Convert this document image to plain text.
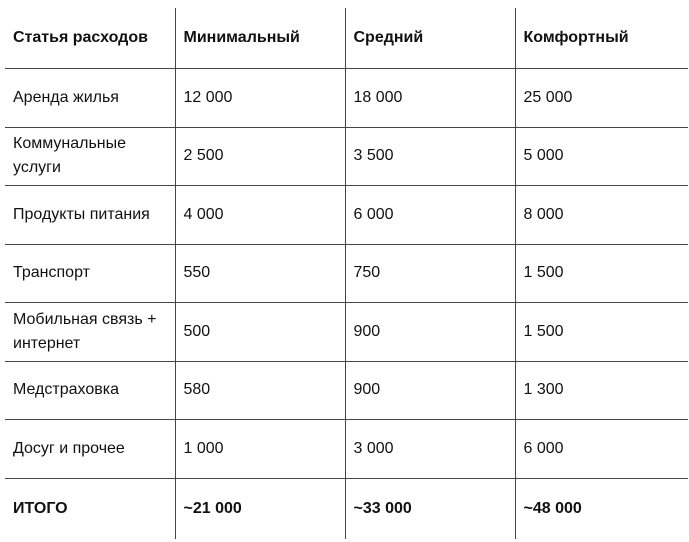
Статья расходов	Минимальный	Средний	Комфортный
Аренда жилья	12 000	18 000	25 000
Коммунальные услуги	2 500	3 500	5 000
Продукты питания	4 000	6 000	8 000
Транспорт	550	750	1 500
Мобильная связь + интернет	500	900	1 500
Медстраховка	580	900	1 300
Досуг и прочее	1 000	3 000	6 000
ИТОГО	~21 000	~33 000	~48 000
